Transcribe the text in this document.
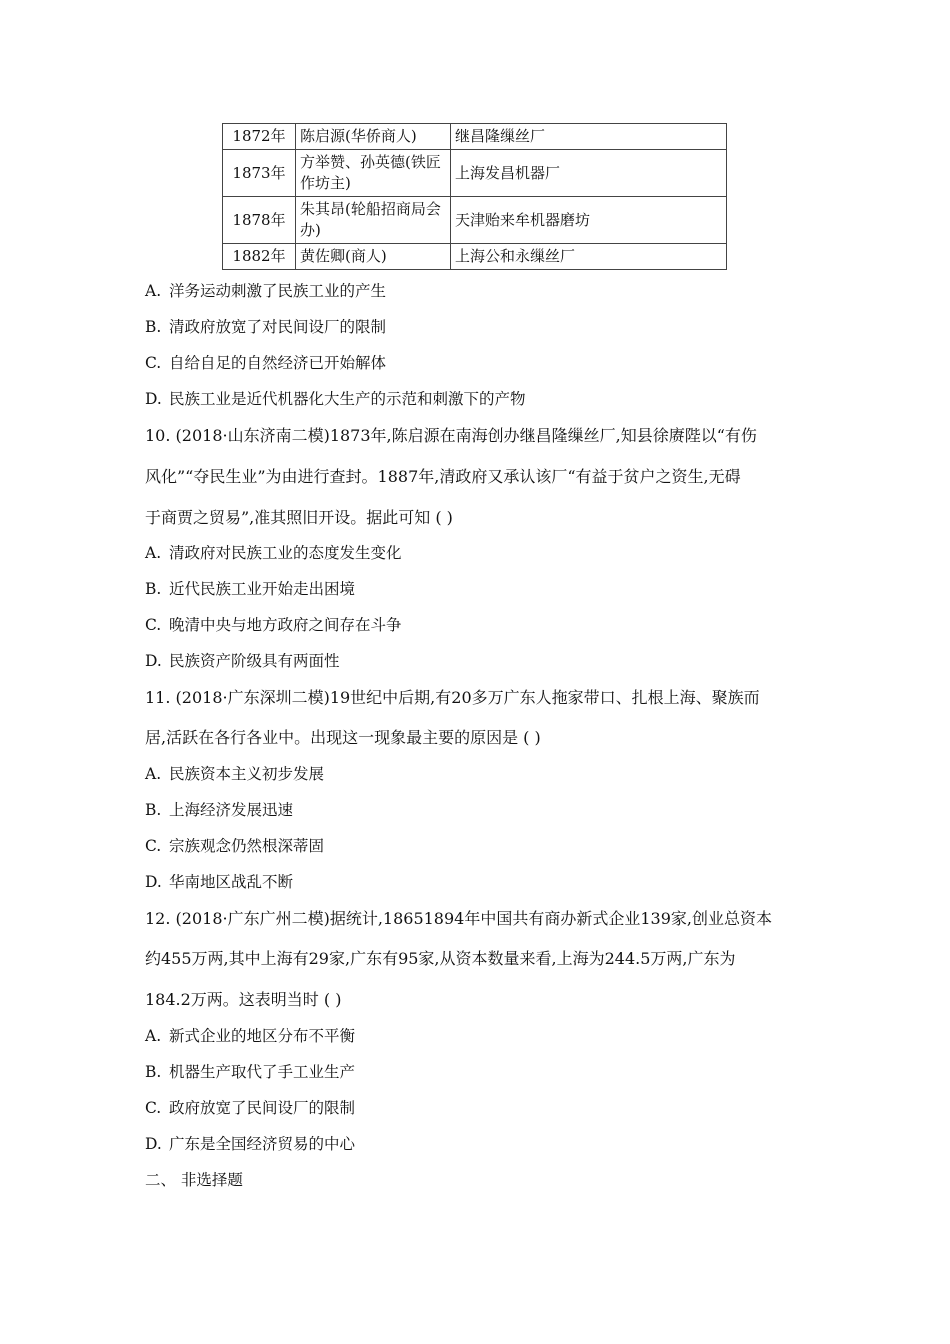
1872年	陈启源(华侨商人)	继昌隆缫丝厂
1873年	方举赞、孙英德(铁匠作坊主)	上海发昌机器厂
1878年	朱其昂(轮船招商局会办)	天津贻来牟机器磨坊
1882年	黄佐卿(商人)	上海公和永缫丝厂
A. 洋务运动刺激了民族工业的产生
B. 清政府放宽了对民间设厂的限制
C. 自给自足的自然经济已开始解体
D. 民族工业是近代机器化大生产的示范和刺激下的产物
10. (2018·山东济南二模)1873年,陈启源在南海创办继昌隆缫丝厂,知县徐赓陛以“有伤
风化”“夺民生业”为由进行查封。1887年,清政府又承认该厂“有益于贫户之资生,无碍
于商贾之贸易”,准其照旧开设。据此可知 ( )
A. 清政府对民族工业的态度发生变化
B. 近代民族工业开始走出困境
C. 晚清中央与地方政府之间存在斗争
D. 民族资产阶级具有两面性
11. (2018·广东深圳二模)19世纪中后期,有20多万广东人拖家带口、扎根上海、聚族而
居,活跃在各行各业中。出现这一现象最主要的原因是 ( )
A. 民族资本主义初步发展
B. 上海经济发展迅速
C. 宗族观念仍然根深蒂固
D. 华南地区战乱不断
12. (2018·广东广州二模)据统计,18651894年中国共有商办新式企业139家,创业总资本
约455万两,其中上海有29家,广东有95家,从资本数量来看,上海为244.5万两,广东为
184.2万两。这表明当时 ( )
A. 新式企业的地区分布不平衡
B. 机器生产取代了手工业生产
C. 政府放宽了民间设厂的限制
D. 广东是全国经济贸易的中心
二、 非选择题
